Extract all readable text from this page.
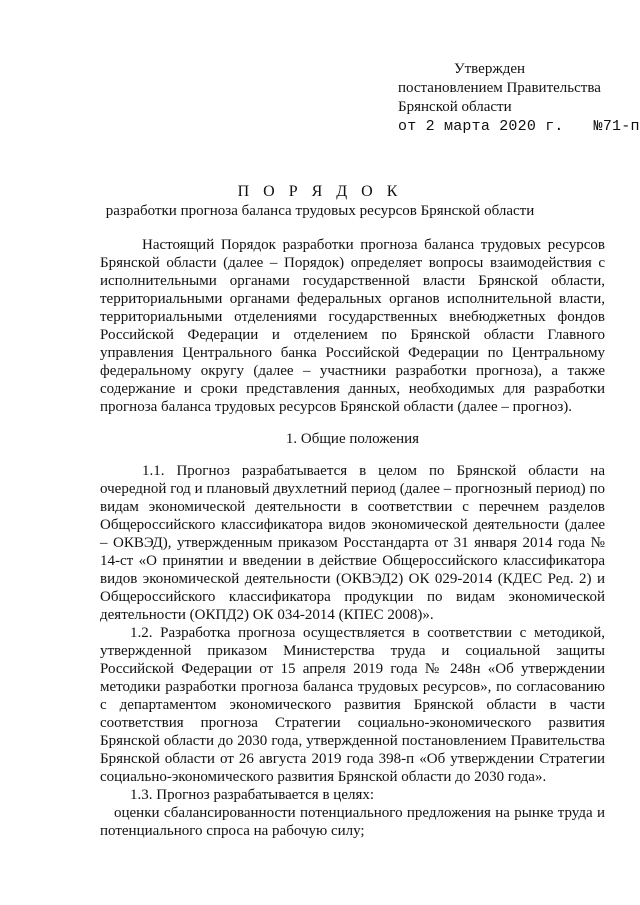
Утвержден
постановлением Правительства
Брянской области
от 2 марта 2020 г. №71-п
П О Р Я Д О К
разработки прогноза баланса трудовых ресурсов Брянской области

Настоящий Порядок разработки прогноза баланса трудовых ресурсов Брянской области (далее – Порядок) определяет вопросы взаимодействия с исполнительными органами государственной власти Брянской области, территориальными органами федеральных органов исполнительной власти, территориальными отделениями государственных внебюджетных фондов Российской Федерации и отделением по Брянской области Главного управления Центрального банка Российской Федерации по Центральному федеральному округу (далее – участники разработки прогноза), а также содержание и сроки представления данных, необходимых для разработки прогноза баланса трудовых ресурсов Брянской области (далее – прогноз).

1. Общие положения

1.1. Прогноз разрабатывается в целом по Брянской области на очередной год и плановый двухлетний период (далее – прогнозный период) по видам экономической деятельности в соответствии с перечнем разделов Общероссийского классификатора видов экономической деятельности (далее – ОКВЭД), утвержденным приказом Росстандарта от 31 января 2014 года № 14-ст «О принятии и введении в действие Общероссийского классификатора видов экономической деятельности (ОКВЭД2) ОК 029-2014 (КДЕС Ред. 2) и Общероссийского классификатора продукции по видам экономической деятельности (ОКПД2) ОК 034-2014 (КПЕС 2008)».

1.2. Разработка прогноза осуществляется в соответствии с методикой, утвержденной приказом Министерства труда и социальной защиты Российской Федерации от 15 апреля 2019 года № 248н «Об утверждении методики разработки прогноза баланса трудовых ресурсов», по согласованию с департаментом экономического развития Брянской области в части соответствия прогноза Стратегии социально-экономического развития Брянской области до 2030 года, утвержденной постановлением Правительства Брянской области от 26 августа 2019 года 398-п «Об утверждении Стратегии социально-экономического развития Брянской области до 2030 года».

1.3. Прогноз разрабатывается в целях:

оценки сбалансированности потенциального предложения на рынке труда и потенциального спроса на рабочую силу;
